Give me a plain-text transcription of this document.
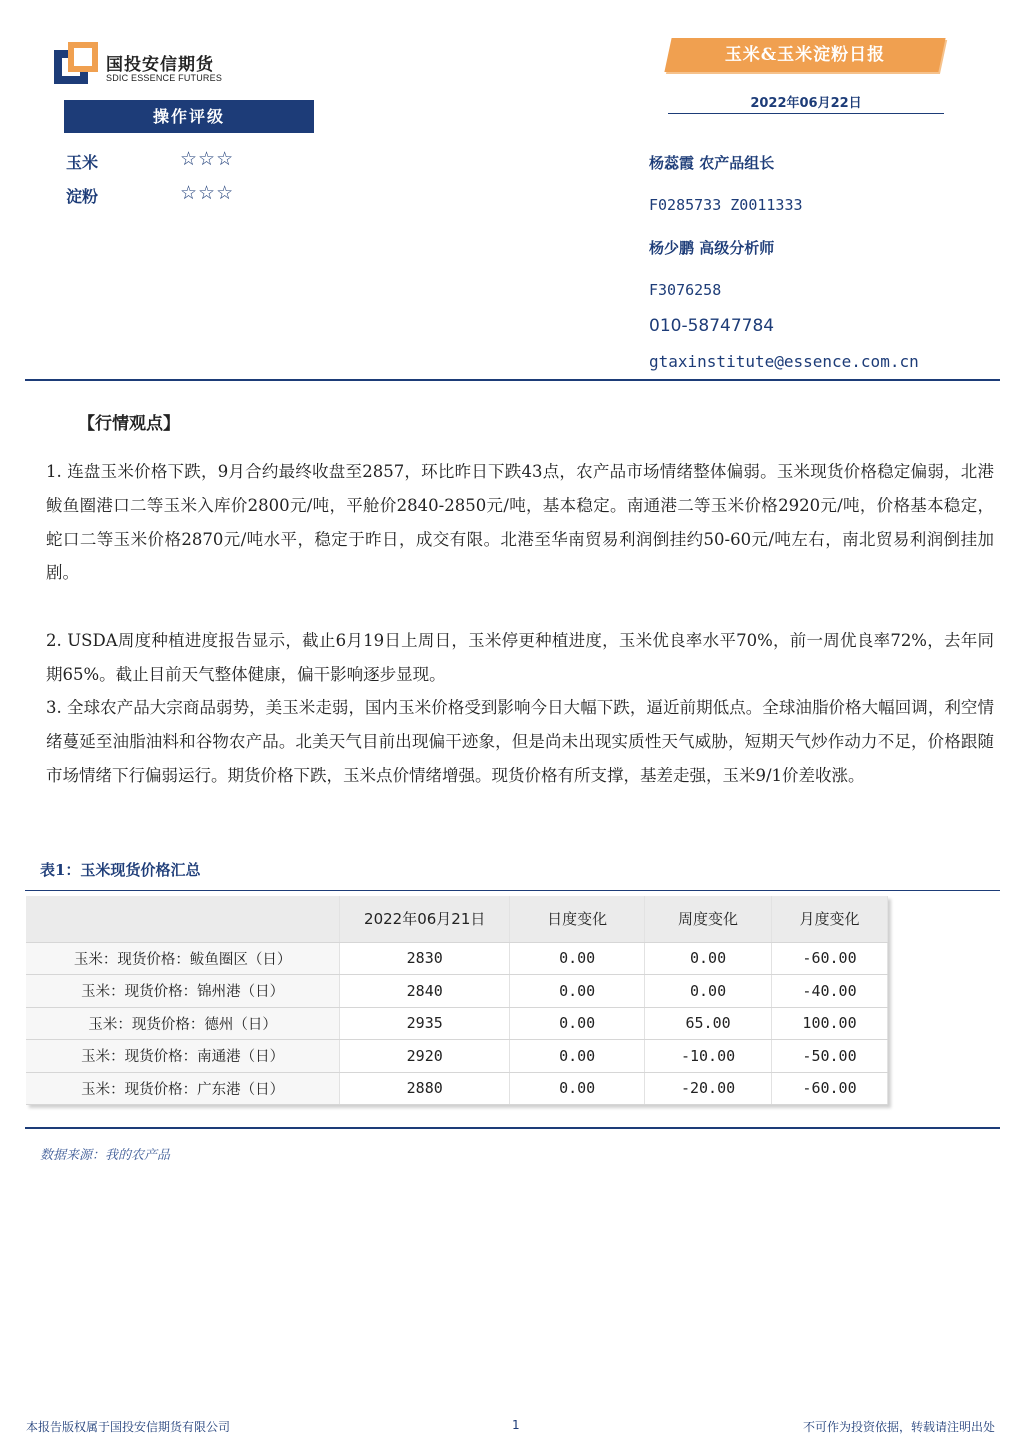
国投安信期货
SDIC ESSENCE FUTURES
玉米&玉米淀粉日报
2022年06月22日
操作评级
玉米	☆☆☆
淀粉	☆☆☆
杨蕊霞 农产品组长
F0285733 Z0011333
杨少鹏 高级分析师
F3076258
010-58747784
gtaxinstitute@essence.com.cn
【行情观点】

1. 连盘玉米价格下跌，9月合约最终收盘至2857，环比昨日下跌43点，农产品市场情绪整体偏弱。玉米现货价格稳定偏弱，北港鲅鱼圈港口二等玉米入库价2800元/吨，平舱价2840-2850元/吨，基本稳定。南通港二等玉米价格2920元/吨，价格基本稳定，蛇口二等玉米价格2870元/吨水平，稳定于昨日，成交有限。北港至华南贸易利润倒挂约50-60元/吨左右，南北贸易利润倒挂加剧。

2. USDA周度种植进度报告显示，截止6月19日上周日，玉米停更种植进度，玉米优良率水平70%，前一周优良率72%，去年同期65%。截止目前天气整体健康，偏干影响逐步显现。

3. 全球农产品大宗商品弱势，美玉米走弱，国内玉米价格受到影响今日大幅下跌，逼近前期低点。全球油脂价格大幅回调，利空情绪蔓延至油脂油料和谷物农产品。北美天气目前出现偏干迹象，但是尚未出现实质性天气威胁，短期天气炒作动力不足，价格跟随市场情绪下行偏弱运行。期货价格下跌，玉米点价情绪增强。现货价格有所支撑，基差走强，玉米9/1价差收涨。

表1：玉米现货价格汇总
	2022年06月21日	日度变化	周度变化	月度变化
玉米：现货价格：鲅鱼圈区（日）	2830	0.00	0.00	-60.00
玉米：现货价格：锦州港（日）	2840	0.00	0.00	-40.00
玉米：现货价格：德州（日）	2935	0.00	65.00	100.00
玉米：现货价格：南通港（日）	2920	0.00	-10.00	-50.00
玉米：现货价格：广东港（日）	2880	0.00	-20.00	-60.00
数据来源：我的农产品
本报告版权属于国投安信期货有限公司	1	不可作为投资依据，转载请注明出处
